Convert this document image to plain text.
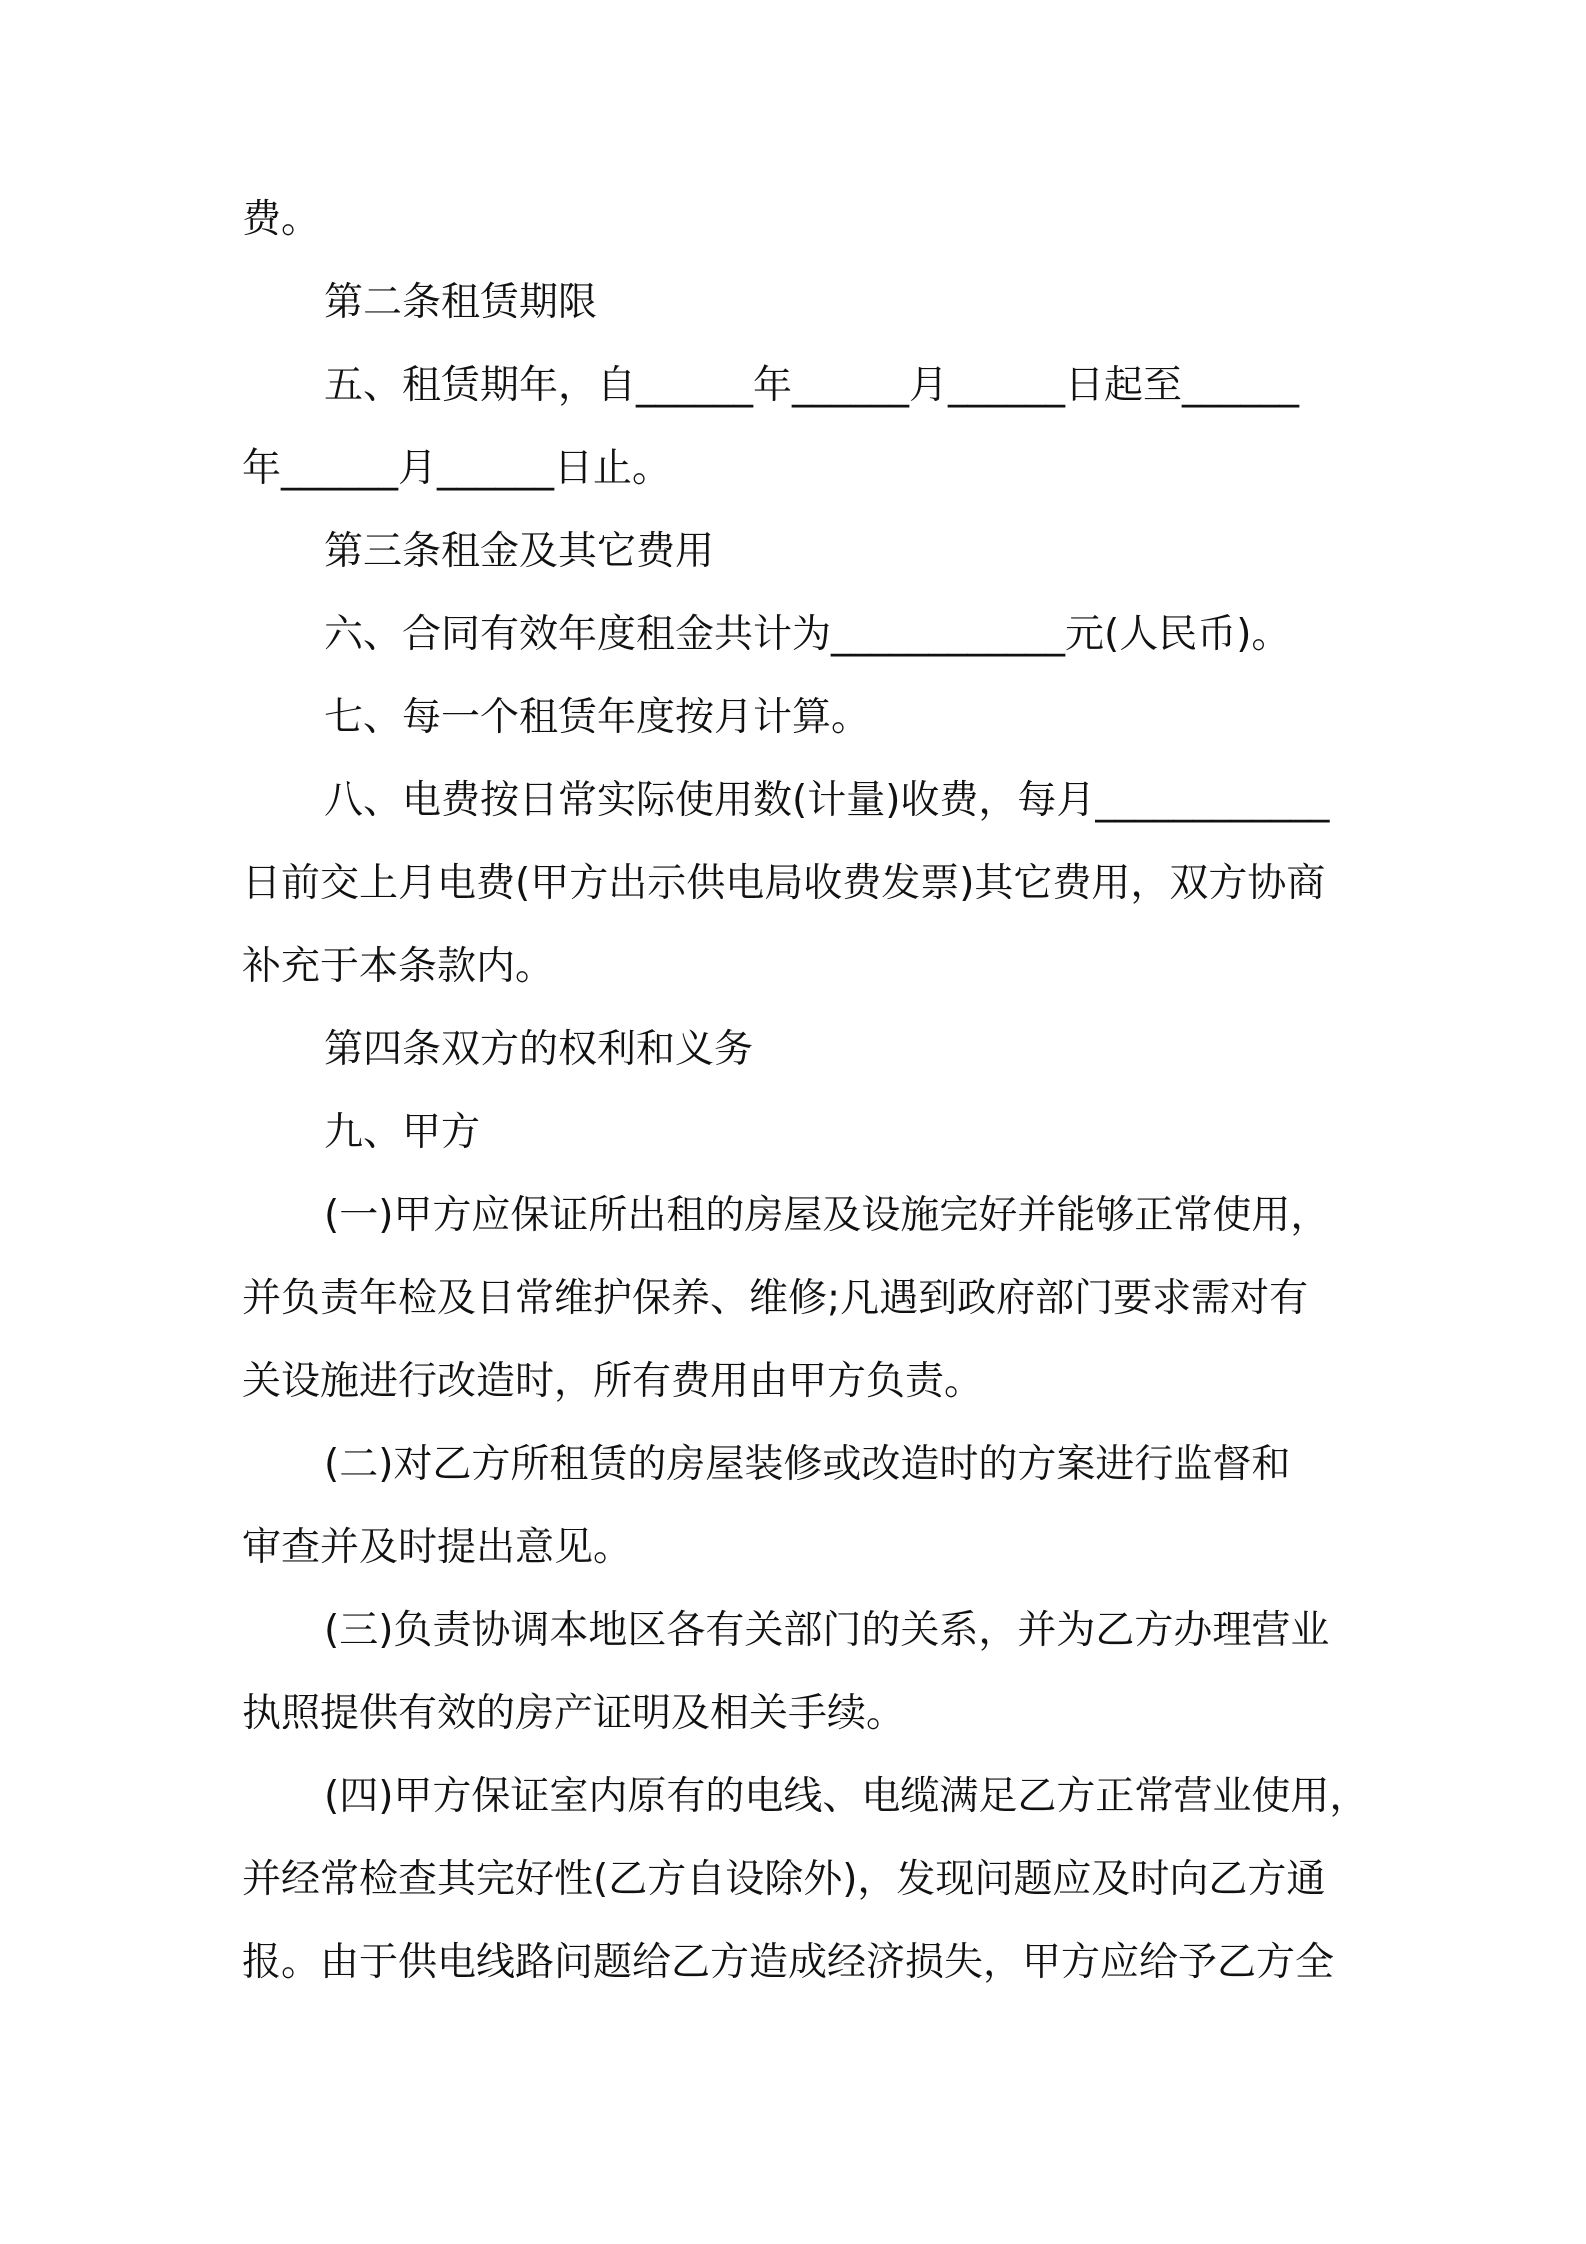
费。
第二条租赁期限
五、租赁期年，自______年______月______日起至______
年______月______日止。
第三条租金及其它费用
六、合同有效年度租金共计为____________元(人民币)。
七、每一个租赁年度按月计算。
八、电费按日常实际使用数(计量)收费，每月____________
日前交上月电费(甲方出示供电局收费发票)其它费用，双方协商
补充于本条款内。
第四条双方的权利和义务
九、甲方
(一)甲方应保证所出租的房屋及设施完好并能够正常使用，
并负责年检及日常维护保养、维修;凡遇到政府部门要求需对有
关设施进行改造时，所有费用由甲方负责。
(二)对乙方所租赁的房屋装修或改造时的方案进行监督和
审查并及时提出意见。
(三)负责协调本地区各有关部门的关系，并为乙方办理营业
执照提供有效的房产证明及相关手续。
(四)甲方保证室内原有的电线、电缆满足乙方正常营业使用，
并经常检查其完好性(乙方自设除外)，发现问题应及时向乙方通
报。由于供电线路问题给乙方造成经济损失，甲方应给予乙方全
